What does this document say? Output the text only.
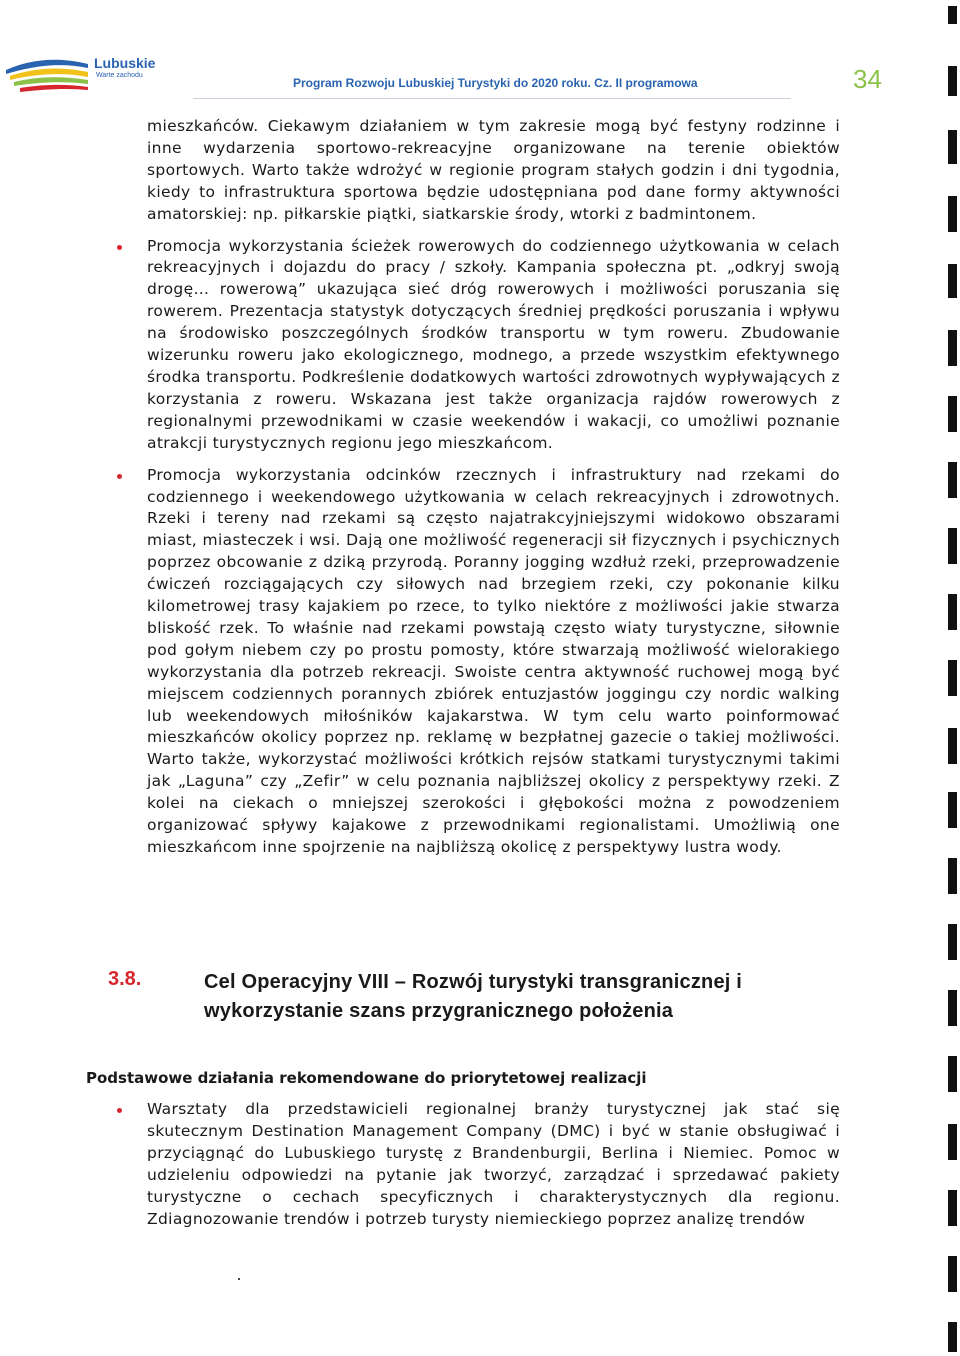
Lubuskie
Warte zachodu
Program Rozwoju Lubuskiej Turystyki do 2020 roku. Cz. II programowa	34

mieszkańców. Ciekawym działaniem w tym zakresie mogą być festyny rodzinne i inne wydarzenia sportowo-rekreacyjne organizowane na terenie obiektów sportowych. Warto także wdrożyć w regionie program stałych godzin i dni tygodnia, kiedy to infrastruktura sportowa będzie udostępniana pod dane formy aktywności amatorskiej: np. piłkarskie piątki, siatkarskie środy, wtorki z badmintonem.

Promocja wykorzystania ścieżek rowerowych do codziennego użytkowania w celach rekreacyjnych i dojazdu do pracy / szkoły. Kampania społeczna pt. „odkryj swoją drogę… rowerową” ukazująca sieć dróg rowerowych i możliwości poruszania się rowerem. Prezentacja statystyk dotyczących średniej prędkości poruszania i wpływu na środowisko poszczególnych środków transportu w tym roweru. Zbudowanie wizerunku roweru jako ekologicznego, modnego, a przede wszystkim efektywnego środka transportu. Podkreślenie dodatkowych wartości zdrowotnych wypływających z korzystania z roweru. Wskazana jest także organizacja rajdów rowerowych z regionalnymi przewodnikami w czasie weekendów i wakacji, co umożliwi poznanie atrakcji turystycznych regionu jego mieszkańcom.

Promocja wykorzystania odcinków rzecznych i infrastruktury nad rzekami do codziennego i weekendowego użytkowania w celach rekreacyjnych i zdrowotnych. Rzeki i tereny nad rzekami są często najatrakcyjniejszymi widokowo obszarami miast, miasteczek i wsi. Dają one możliwość regeneracji sił fizycznych i psychicznych poprzez obcowanie z dziką przyrodą. Poranny jogging wzdłuż rzeki, przeprowadzenie ćwiczeń rozciągających czy siłowych nad brzegiem rzeki, czy pokonanie kilku kilometrowej trasy kajakiem po rzece, to tylko niektóre z możliwości jakie stwarza bliskość rzek. To właśnie nad rzekami powstają często wiaty turystyczne, siłownie pod gołym niebem czy po prostu pomosty, które stwarzają możliwość wielorakiego wykorzystania dla potrzeb rekreacji. Swoiste centra aktywność ruchowej mogą być miejscem codziennych porannych zbiórek entuzjastów joggingu czy nordic walking lub weekendowych miłośników kajakarstwa. W tym celu warto poinformować mieszkańców okolicy poprzez np. reklamę w bezpłatnej gazecie o takiej możliwości. Warto także, wykorzystać możliwości krótkich rejsów statkami turystycznymi takimi jak „Laguna” czy „Zefir” w celu poznania najbliższej okolicy z perspektywy rzeki. Z kolei na ciekach o mniejszej szerokości i głębokości można z powodzeniem organizować spływy kajakowe z przewodnikami regionalistami. Umożliwią one mieszkańcom inne spojrzenie na najbliższą okolicę z perspektywy lustra wody.

3.8.	Cel Operacyjny VIII – Rozwój turystyki transgranicznej i wykorzystanie szans przygranicznego położenia
Podstawowe działania rekomendowane do priorytetowej realizacji

Warsztaty dla przedstawicieli regionalnej branży turystycznej jak stać się skutecznym Destination Management Company (DMC) i być w stanie obsługiwać i przyciągnąć do Lubuskiego turystę z Brandenburgii, Berlina i Niemiec. Pomoc w udzieleniu odpowiedzi na pytanie jak tworzyć, zarządzać i sprzedawać pakiety turystyczne o cechach specyficznych i charakterystycznych dla regionu. Zdiagnozowanie trendów i potrzeb turysty niemieckiego poprzez analizę trendów
